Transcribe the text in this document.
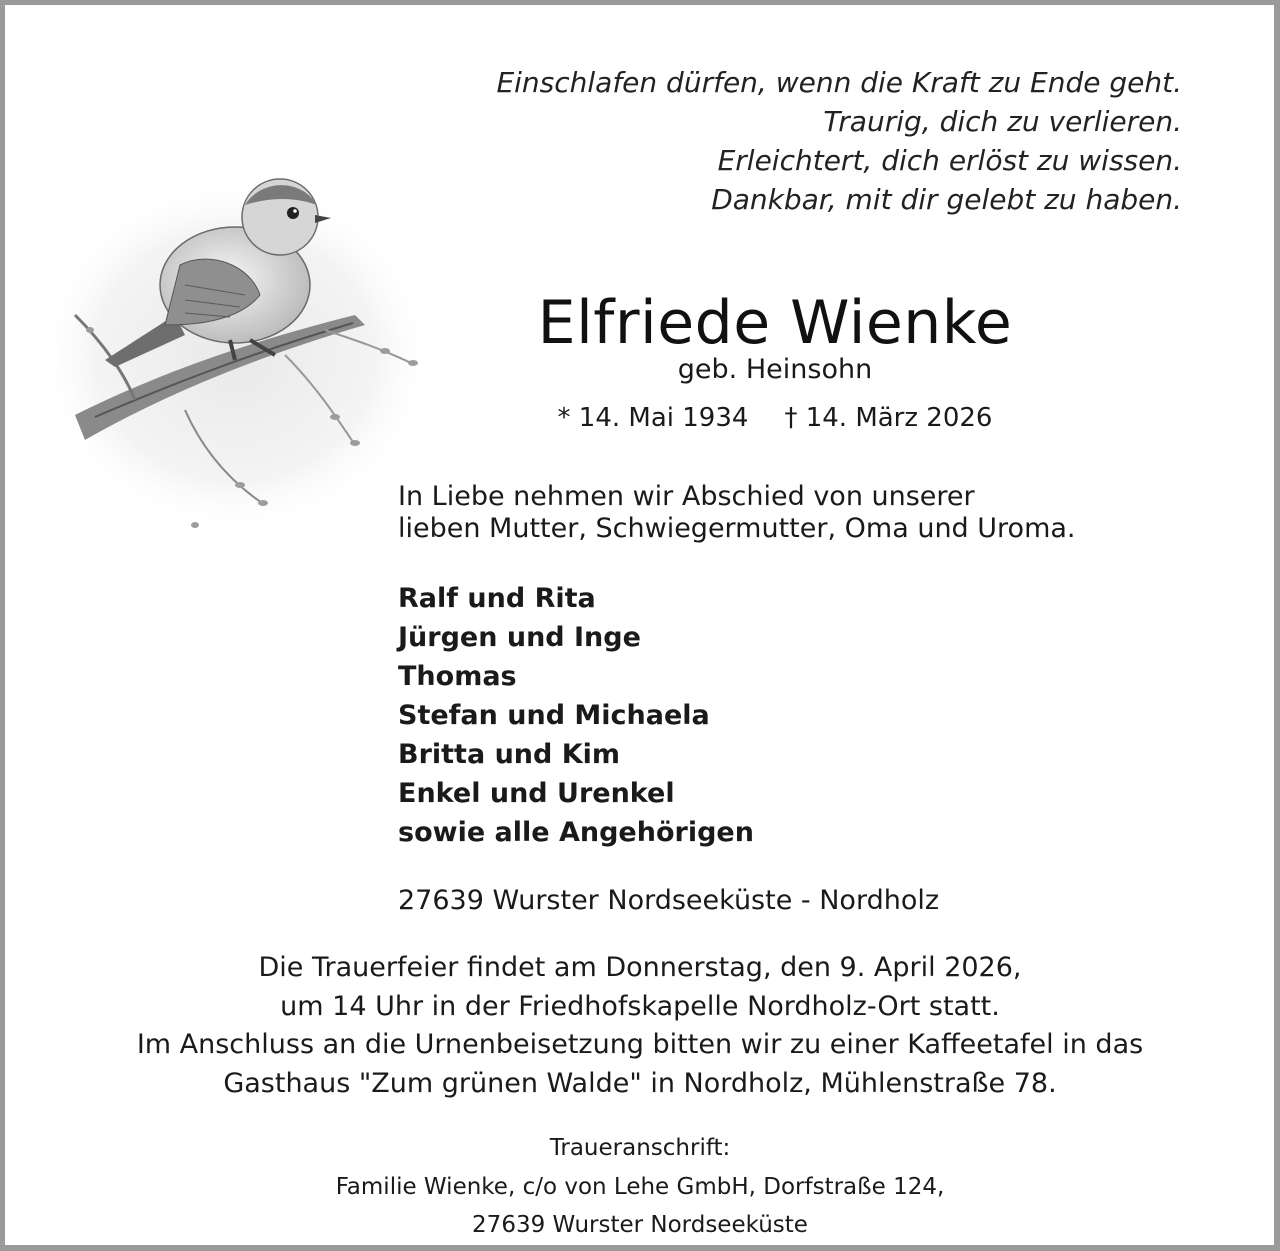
Einschlafen dürfen, wenn die Kraft zu Ende geht.
Traurig, dich zu verlieren.
Erleichtert, dich erlöst zu wissen.
Dankbar, mit dir gelebt zu haben.
Elfriede Wienke
geb. Heinsohn
* 14. Mai 1934 † 14. März 2026
In Liebe nehmen wir Abschied von unserer
lieben Mutter, Schwiegermutter, Oma und Uroma.
Ralf und Rita
Jürgen und Inge
Thomas
Stefan und Michaela
Britta und Kim
Enkel und Urenkel
sowie alle Angehörigen
27639 Wurster Nordseeküste - Nordholz
Die Trauerfeier findet am Donnerstag, den 9. April 2026,
um 14 Uhr in der Friedhofskapelle Nordholz-Ort statt.
Im Anschluss an die Urnenbeisetzung bitten wir zu einer Kaffeetafel in das
Gasthaus "Zum grünen Walde" in Nordholz, Mühlenstraße 78.
Traueranschrift:
Familie Wienke, c/o von Lehe GmbH, Dorfstraße 124,
27639 Wurster Nordseeküste
